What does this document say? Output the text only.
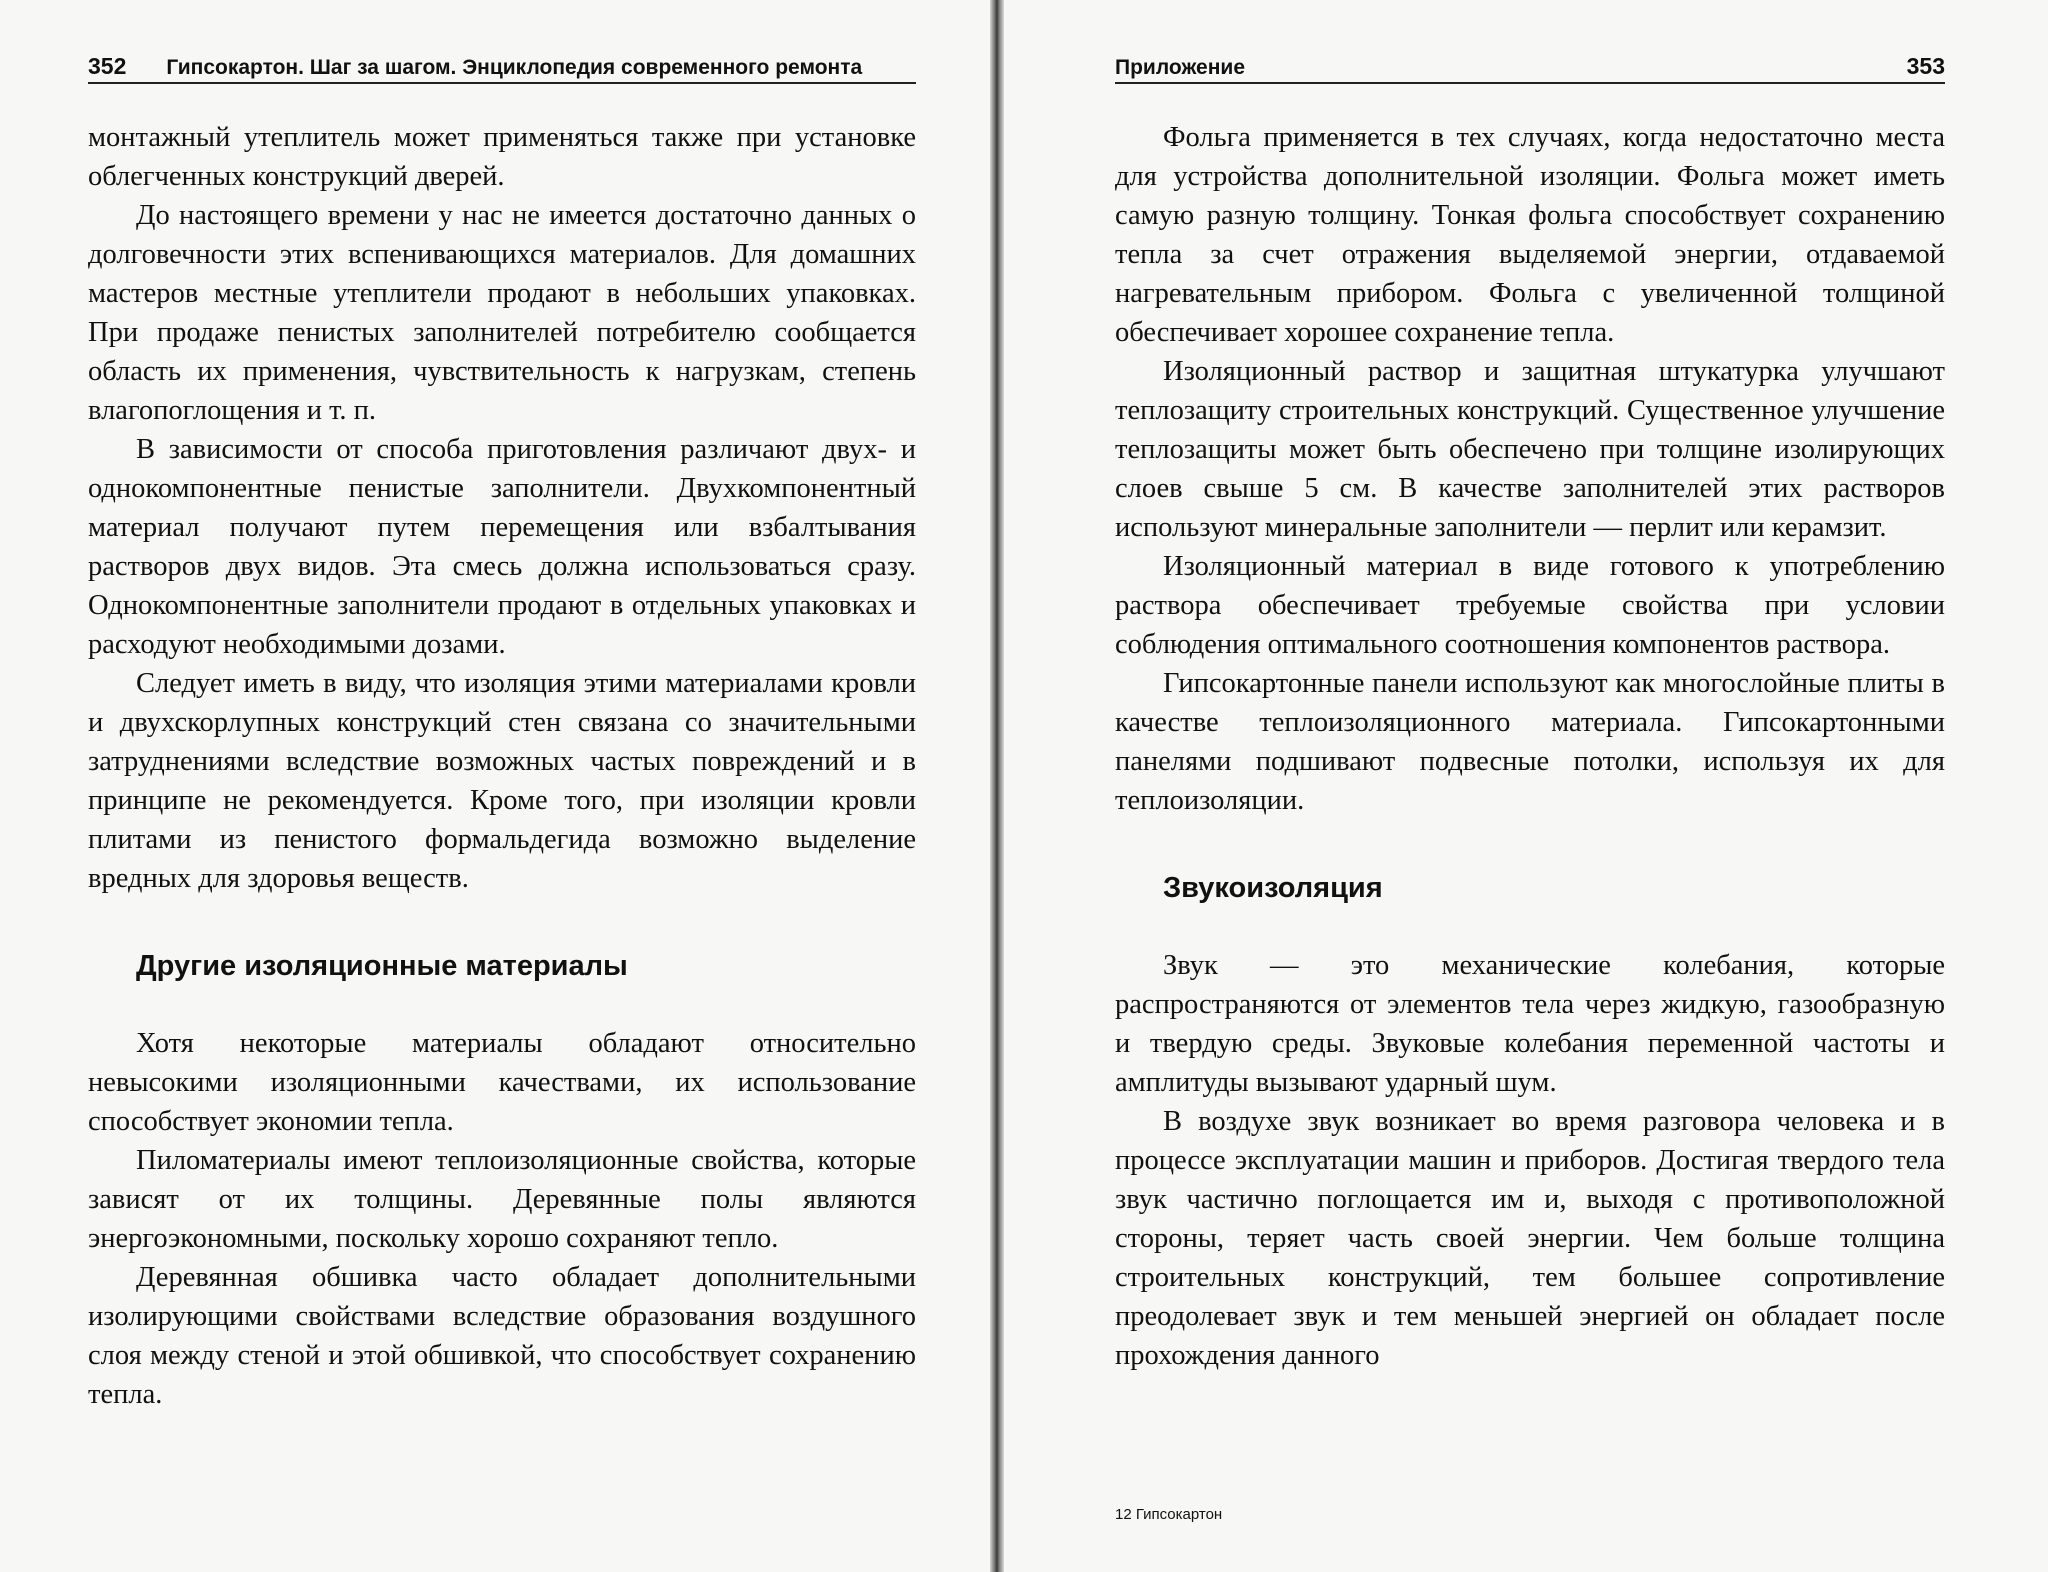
352 Гипсокартон. Шаг за шагом. Энциклопедия современного ремонта

монтажный утеплитель может применяться также при установке облегченных конструкций дверей.

До настоящего времени у нас не имеется достаточно данных о долговечности этих вспенивающихся материалов. Для домашних мастеров местные утеплители продают в небольших упаковках. При продаже пенистых заполнителей потребителю сообщается область их применения, чувствительность к нагрузкам, степень влагопоглощения и т. п.

В зависимости от способа приготовления различают двух- и однокомпонентные пенистые заполнители. Двухкомпонентный материал получают путем перемещения или взбалтывания растворов двух видов. Эта смесь должна использоваться сразу. Однокомпонентные заполнители продают в отдельных упаковках и расходуют необходимыми дозами.

Следует иметь в виду, что изоляция этими материалами кровли и двухскорлупных конструкций стен связана со значительными затруднениями вследствие возможных частых повреждений и в принципе не рекомендуется. Кроме того, при изоляции кровли плитами из пенистого формальдегида возможно выделение вредных для здоровья веществ.

Другие изоляционные материалы

Хотя некоторые материалы обладают относительно невысокими изоляционными качествами, их использование способствует экономии тепла.

Пиломатериалы имеют теплоизоляционные свойства, которые зависят от их толщины. Деревянные полы являются энергоэкономными, поскольку хорошо сохраняют тепло.

Деревянная обшивка часто обладает дополнительными изолирующими свойствами вследствие образования воздушного слоя между стеной и этой обшивкой, что способствует сохранению тепла.

Приложение	353

Фольга применяется в тех случаях, когда недостаточно места для устройства дополнительной изоляции. Фольга может иметь самую разную толщину. Тонкая фольга способствует сохранению тепла за счет отражения выделяемой энергии, отдаваемой нагревательным прибором. Фольга с увеличенной толщиной обеспечивает хорошее сохранение тепла.

Изоляционный раствор и защитная штукатурка улучшают теплозащиту строительных конструкций. Существенное улучшение теплозащиты может быть обеспечено при толщине изолирующих слоев свыше 5 см. В качестве заполнителей этих растворов используют минеральные заполнители — перлит или керамзит.

Изоляционный материал в виде готового к употреблению раствора обеспечивает требуемые свойства при условии соблюдения оптимального соотношения компонентов раствора.

Гипсокартонные панели используют как многослойные плиты в качестве теплоизоляционного материала. Гипсокартонными панелями подшивают подвесные потолки, используя их для теплоизоляции.

Звукоизоляция

Звук — это механические колебания, которые распространяются от элементов тела через жидкую, газообразную и твердую среды. Звуковые колебания переменной частоты и амплитуды вызывают ударный шум.

В воздухе звук возникает во время разговора человека и в процессе эксплуатации машин и приборов. Достигая твердого тела звук частично поглощается им и, выходя с противоположной стороны, теряет часть своей энергии. Чем больше толщина строительных конструкций, тем большее сопротивление преодолевает звук и тем меньшей энергией он обладает после прохождения данного

12 Гипсокартон
